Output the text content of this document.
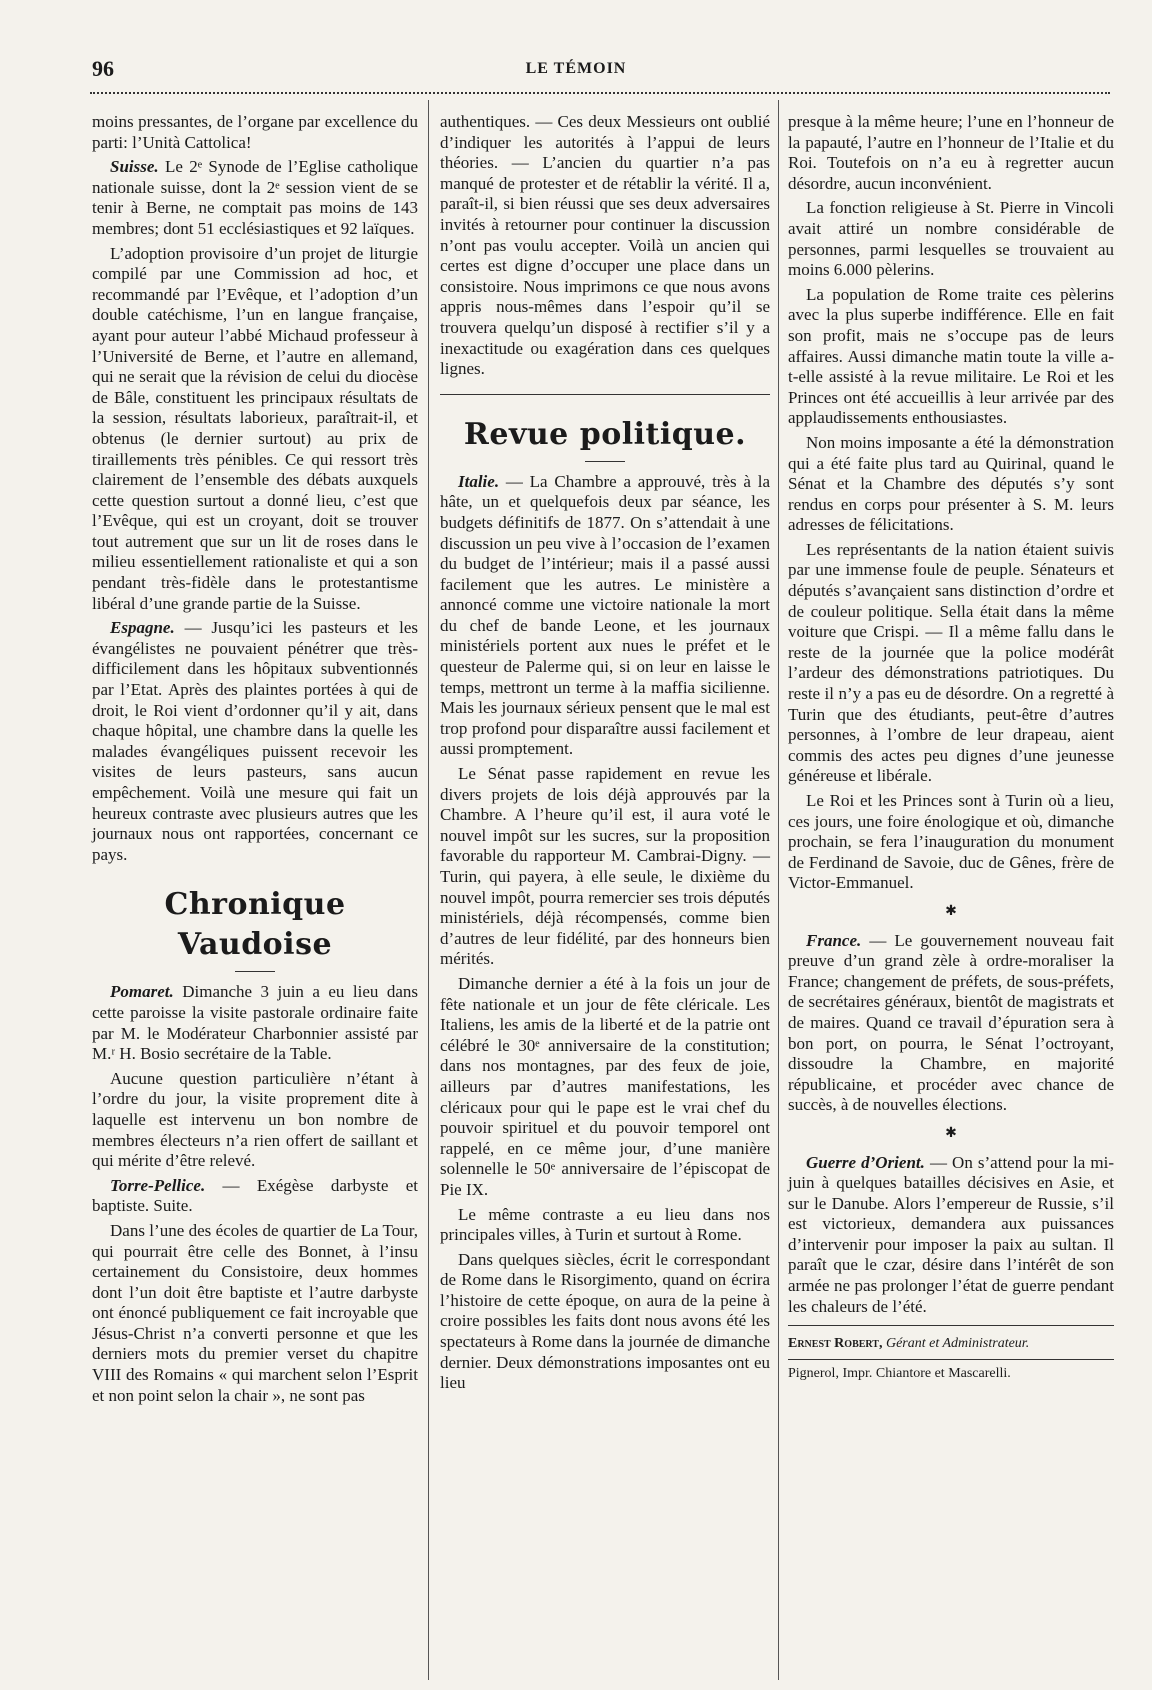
96	LE TÉMOIN

moins pressantes, de l’organe par excellence du parti: l’Unità Cattolica!

Suisse. Le 2ᵉ Synode de l’Eglise catholique nationale suisse, dont la 2ᵉ session vient de se tenir à Berne, ne comptait pas moins de 143 membres; dont 51 ecclésiastiques et 92 laïques.

L’adoption provisoire d’un projet de liturgie compilé par une Commission ad hoc, et recommandé par l’Evêque, et l’adoption d’un double catéchisme, l’un en langue française, ayant pour auteur l’abbé Michaud professeur à l’Université de Berne, et l’autre en allemand, qui ne serait que la révision de celui du diocèse de Bâle, constituent les principaux résultats de la session, résultats laborieux, paraîtrait-il, et obtenus (le dernier surtout) au prix de tiraillements très pénibles. Ce qui ressort très clairement de l’ensemble des débats auxquels cette question surtout a donné lieu, c’est que l’Evêque, qui est un croyant, doit se trouver tout autrement que sur un lit de roses dans le milieu essentiellement rationaliste et qui a son pendant très-fidèle dans le protestantisme libéral d’une grande partie de la Suisse.

Espagne. — Jusqu’ici les pasteurs et les évangélistes ne pouvaient pénétrer que très-difficilement dans les hôpitaux subventionnés par l’Etat. Après des plaintes portées à qui de droit, le Roi vient d’ordonner qu’il y ait, dans chaque hôpital, une chambre dans la quelle les malades évangéliques puissent recevoir les visites de leurs pasteurs, sans aucun empêchement. Voilà une mesure qui fait un heureux contraste avec plusieurs autres que les journaux nous ont rapportées, concernant ce pays.

Chronique Vaudoise

Pomaret. Dimanche 3 juin a eu lieu dans cette paroisse la visite pastorale ordinaire faite par M. le Modérateur Charbonnier assisté par M.ʳ H. Bosio secrétaire de la Table.

Aucune question particulière n’étant à l’ordre du jour, la visite proprement dite à laquelle est intervenu un bon nombre de membres électeurs n’a rien offert de saillant et qui mérite d’être relevé.

Torre-Pellice. — Exégèse darbyste et baptiste. Suite.

Dans l’une des écoles de quartier de La Tour, qui pourrait être celle des Bonnet, à l’insu certainement du Consistoire, deux hommes dont l’un doit être baptiste et l’autre darbyste ont énoncé publiquement ce fait incroyable que Jésus-Christ n’a converti personne et que les derniers mots du premier verset du chapitre VIII des Romains « qui marchent selon l’Esprit et non point selon la chair », ne sont pas

authentiques. — Ces deux Messieurs ont oublié d’indiquer les autorités à l’appui de leurs théories. — L’ancien du quartier n’a pas manqué de protester et de rétablir la vérité. Il a, paraît-il, si bien réussi que ses deux adversaires invités à retourner pour continuer la discussion n’ont pas voulu accepter. Voilà un ancien qui certes est digne d’occuper une place dans un consistoire. Nous imprimons ce que nous avons appris nous-mêmes dans l’espoir qu’il se trouvera quelqu’un disposé à rectifier s’il y a inexactitude ou exagération dans ces quelques lignes.

Revue politique.

Italie. — La Chambre a approuvé, très à la hâte, un et quelquefois deux par séance, les budgets définitifs de 1877. On s’attendait à une discussion un peu vive à l’occasion de l’examen du budget de l’intérieur; mais il a passé aussi facilement que les autres. Le ministère a annoncé comme une victoire nationale la mort du chef de bande Leone, et les journaux ministériels portent aux nues le préfet et le questeur de Palerme qui, si on leur en laisse le temps, mettront un terme à la maffia sicilienne. Mais les journaux sérieux pensent que le mal est trop profond pour disparaître aussi facilement et aussi promptement.

Le Sénat passe rapidement en revue les divers projets de lois déjà approuvés par la Chambre. A l’heure qu’il est, il aura voté le nouvel impôt sur les sucres, sur la proposition favorable du rapporteur M. Cambrai-Digny. — Turin, qui payera, à elle seule, le dixième du nouvel impôt, pourra remercier ses trois députés ministériels, déjà récompensés, comme bien d’autres de leur fidélité, par des honneurs bien mérités.

Dimanche dernier a été à la fois un jour de fête nationale et un jour de fête cléricale. Les Italiens, les amis de la liberté et de la patrie ont célébré le 30ᵉ anniversaire de la constitution; dans nos montagnes, par des feux de joie, ailleurs par d’autres manifestations, les cléricaux pour qui le pape est le vrai chef du pouvoir spirituel et du pouvoir temporel ont rappelé, en ce même jour, d’une manière solennelle le 50ᵉ anniversaire de l’épiscopat de Pie IX.

Le même contraste a eu lieu dans nos principales villes, à Turin et surtout à Rome.

Dans quelques siècles, écrit le correspondant de Rome dans le Risorgimento, quand on écrira l’histoire de cette époque, on aura de la peine à croire possibles les faits dont nous avons été les spectateurs à Rome dans la journée de dimanche dernier. Deux démonstrations imposantes ont eu lieu

presque à la même heure; l’une en l’honneur de la papauté, l’autre en l’honneur de l’Italie et du Roi. Toutefois on n’a eu à regretter aucun désordre, aucun inconvénient.

La fonction religieuse à St. Pierre in Vincoli avait attiré un nombre considérable de personnes, parmi lesquelles se trouvaient au moins 6.000 pèlerins.

La population de Rome traite ces pèlerins avec la plus superbe indifférence. Elle en fait son profit, mais ne s’occupe pas de leurs affaires. Aussi dimanche matin toute la ville a-t-elle assisté à la revue militaire. Le Roi et les Princes ont été accueillis à leur arrivée par des applaudissements enthousiastes.

Non moins imposante a été la démonstration qui a été faite plus tard au Quirinal, quand le Sénat et la Chambre des députés s’y sont rendus en corps pour présenter à S. M. leurs adresses de félicitations.

Les représentants de la nation étaient suivis par une immense foule de peuple. Sénateurs et députés s’avançaient sans distinction d’ordre et de couleur politique. Sella était dans la même voiture que Crispi. — Il a même fallu dans le reste de la journée que la police modérât l’ardeur des démonstrations patriotiques. Du reste il n’y a pas eu de désordre. On a regretté à Turin que des étudiants, peut-être d’autres personnes, à l’ombre de leur drapeau, aient commis des actes peu dignes d’une jeunesse généreuse et libérale.

Le Roi et les Princes sont à Turin où a lieu, ces jours, une foire énologique et où, dimanche prochain, se fera l’inauguration du monument de Ferdinand de Savoie, duc de Gênes, frère de Victor-Emmanuel.

✱

France. — Le gouvernement nouveau fait preuve d’un grand zèle à ordre-moraliser la France; changement de préfets, de sous-préfets, de secrétaires généraux, bientôt de magistrats et de maires. Quand ce travail d’épuration sera à bon port, on pourra, le Sénat l’octroyant, dissoudre la Chambre, en majorité républicaine, et procéder avec chance de succès, à de nouvelles élections.

✱

Guerre d’Orient. — On s’attend pour la mi-juin à quelques batailles décisives en Asie, et sur le Danube. Alors l’empereur de Russie, s’il est victorieux, demandera aux puissances d’intervenir pour imposer la paix au sultan. Il paraît que le czar, désire dans l’intérêt de son armée ne pas prolonger l’état de guerre pendant les chaleurs de l’été.

Ernest Robert, Gérant et Administrateur.

Pignerol, Impr. Chiantore et Mascarelli.
